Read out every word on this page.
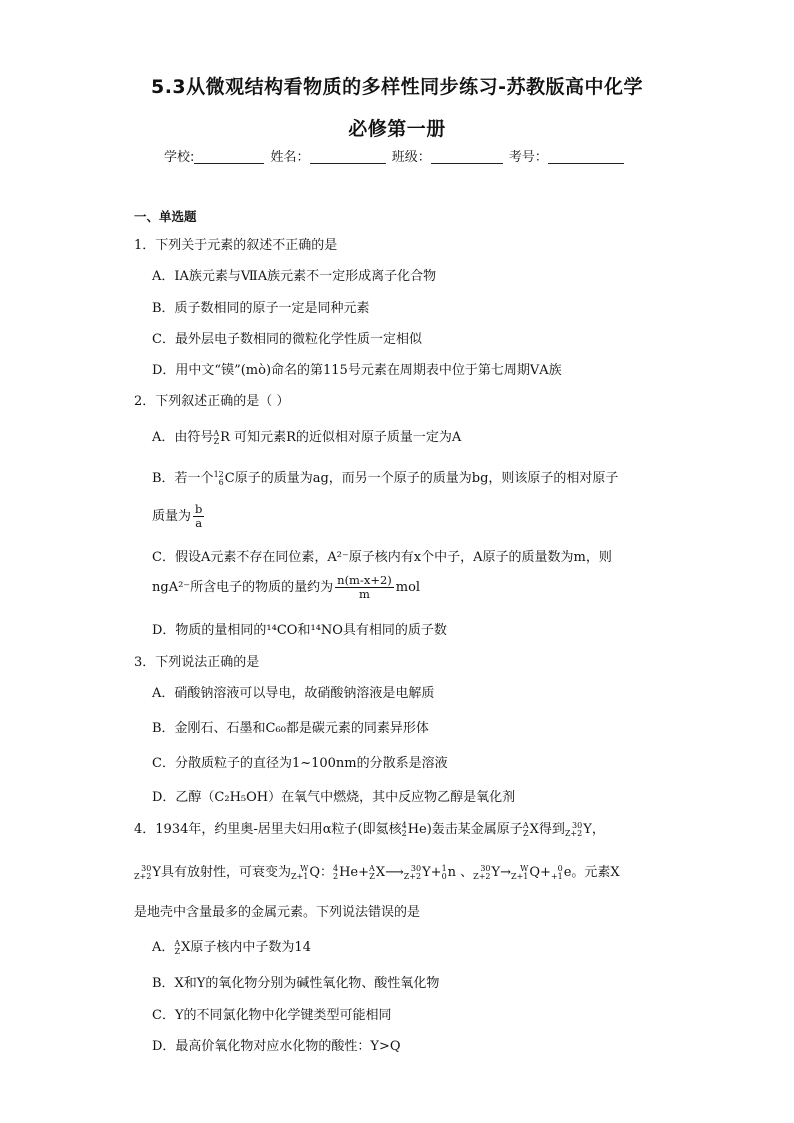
5.3从微观结构看物质的多样性同步练习-苏教版高中化学
必修第一册
学校:	姓名：	班级：	考号：
一、单选题
1．下列关于元素的叙述不正确的是
A．ⅠA族元素与ⅦA族元素不一定形成离子化合物
B．质子数相同的原子一定是同种元素
C．最外层电子数相同的微粒化学性质一定相似
D．用中文“镆”(mò)命名的第115号元素在周期表中位于第七周期ⅤA族
2．下列叙述正确的是（ ）
A．由符号 A
Z R 可知元素R的近似相对原子质量一定为A
B．若一个 12
6 C原子的质量为ag，而另一个原子的质量为bg，则该原子的相对原子
质量为 $\frac{b}{a}$
C．假设A元素不存在同位素，A²⁻原子核内有x个中子，A原子的质量数为m，则
ngA²⁻所含电子的物质的量约为 $\frac{n(m-x+2)}{m}$ mol
D．物质的量相同的¹⁴CO和¹⁴NO具有相同的质子数
3．下列说法正确的是
A．硝酸钠溶液可以导电，故硝酸钠溶液是电解质
B．金刚石、石墨和C₆₀都是碳元素的同素异形体
C．分散质粒子的直径为1~100nm的分散系是溶液
D．乙醇（C₂H₅OH）在氧气中燃烧，其中反应物乙醇是氧化剂
4．1934年，约里奥-居里夫妇用α粒子(即氦核 4
2 He)轰击某金属原子 A
Z X得到 30
Z+2 Y，
30
Z+2 Y具有放射性，可衰变为	W
Z+1 Q： 4
2 He+ A
Z X⟶ 30
Z+2 Y+ 1
0 n 、 30
Z+2 Y→	W
Z+1 Q+ 0
+1 e。元素X
是地壳中含量最多的金属元素。下列说法错误的是
A． A
Z X原子核内中子数为14
B．X和Y的氧化物分别为碱性氧化物、酸性氧化物
C．Y的不同氯化物中化学键类型可能相同
D．最高价氧化物对应水化物的酸性：Y>Q
